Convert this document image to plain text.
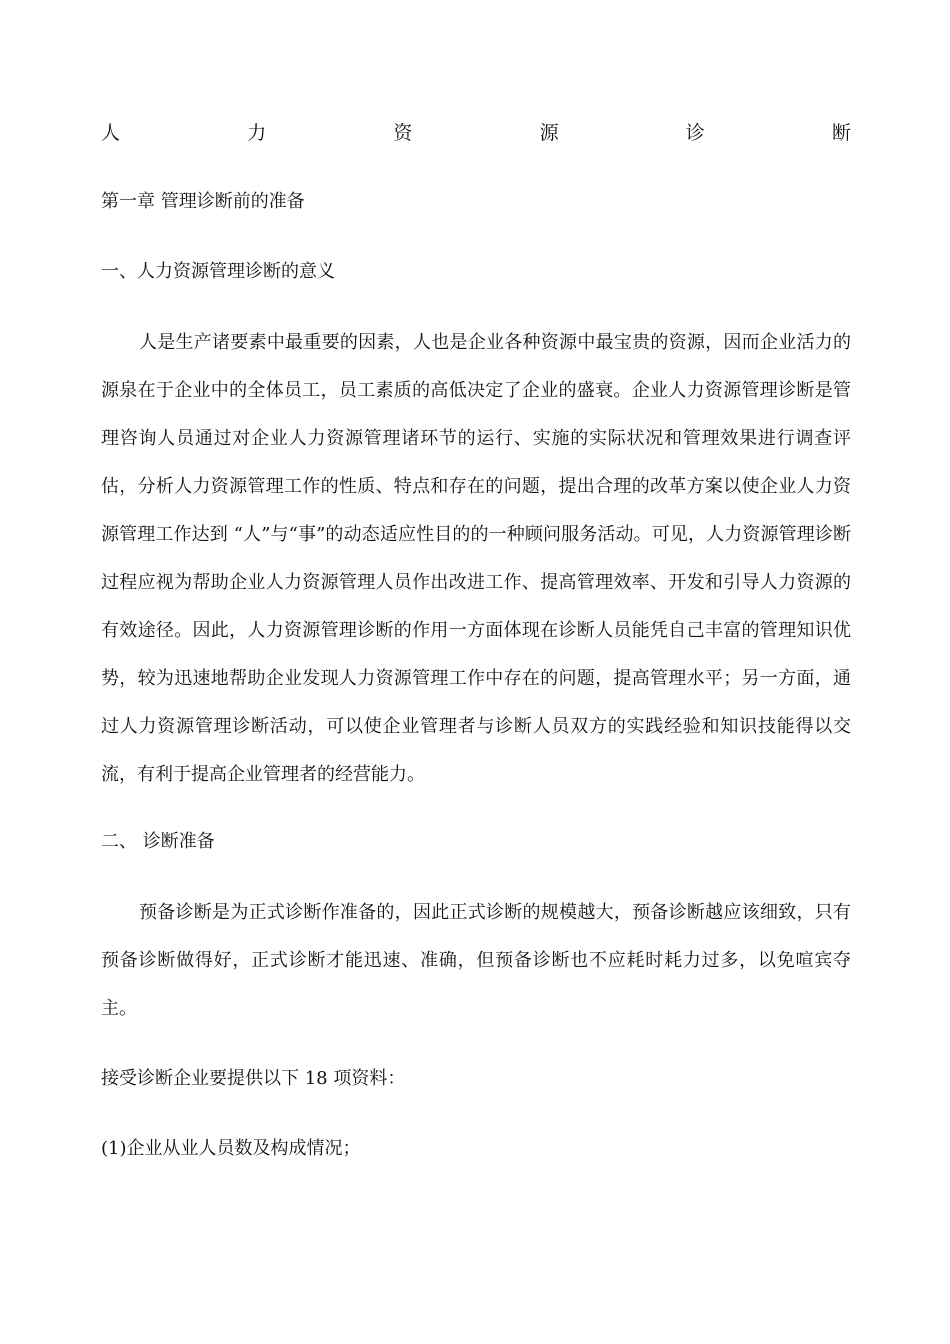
人	力	资	源	诊	断
第一章 管理诊断前的准备
一、人力资源管理诊断的意义

人是生产诸要素中最重要的因素，人也是企业各种资源中最宝贵的资源，因而企业活力的源泉在于企业中的全体员工，员工素质的高低决定了企业的盛衰。企业人力资源管理诊断是管理咨询人员通过对企业人力资源管理诸环节的运行、实施的实际状况和管理效果进行调查评估，分析人力资源管理工作的性质、特点和存在的问题，提出合理的改革方案以使企业人力资源管理工作达到 “人”与“事”的动态适应性目的的一种顾问服务活动。可见，人力资源管理诊断过程应视为帮助企业人力资源管理人员作出改进工作、提高管理效率、开发和引导人力资源的有效途径。因此，人力资源管理诊断的作用一方面体现在诊断人员能凭自己丰富的管理知识优势，较为迅速地帮助企业发现人力资源管理工作中存在的问题，提高管理水平；另一方面，通过人力资源管理诊断活动，可以使企业管理者与诊断人员双方的实践经验和知识技能得以交流，有利于提高企业管理者的经营能力。

二、 诊断准备

预备诊断是为正式诊断作准备的，因此正式诊断的规模越大，预备诊断越应该细致，只有预备诊断做得好，正式诊断才能迅速、准确，但预备诊断也不应耗时耗力过多，以免喧宾夺主。

接受诊断企业要提供以下 18 项资料：
(1)企业从业人员数及构成情况；
